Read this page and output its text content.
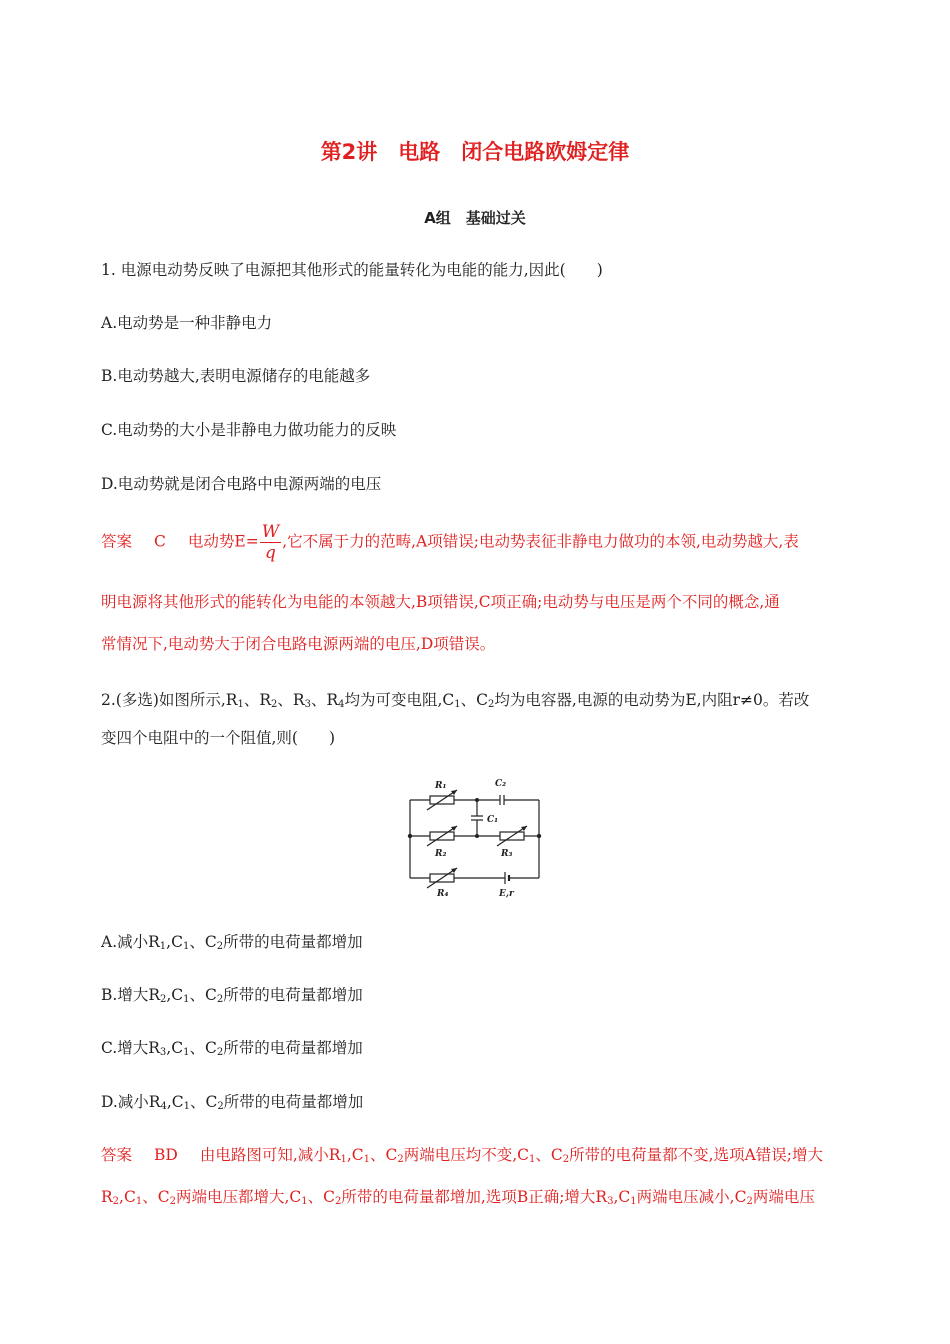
第2讲　电路　闭合电路欧姆定律
A组　基础过关
1. 电源电动势反映了电源把其他形式的能量转化为电能的能力,因此(　　)
A.电动势是一种非静电力
B.电动势越大,表明电源储存的电能越多
C.电动势的大小是非静电力做功能力的反映
D.电动势就是闭合电路中电源两端的电压
答案 C 电动势$E= \frac{W}{q}$ ,它不属于力的范畴,A项错误;电动势表征非静电力做功的本领,电动势越大,表
明电源将其他形式的能转化为电能的本领越大,B项错误,C项正确;电动势与电压是两个不同的概念,通
常情况下,电动势大于闭合电路电源两端的电压,D项错误。
2.(多选)如图所示$,R_1$、$R_2$、$R_3$、$R_4$均为可变电阻$,C_1$、$C_2$均为电容器,电源的电动势为E,内阻r≠0。若改
变四个电阻中的一个阻值,则(　　)
R₁	C₂
C₁
R₂	R₃
R₄	E,r
A.减小$R_1,C_1$、$C_2$所带的电荷量都增加
B.增大$R_2,C_1$、$C_2$所带的电荷量都增加
C.增大$R_3,C_1$、$C_2$所带的电荷量都增加
D.减小$R_4,C_1$、$C_2$所带的电荷量都增加
答案 BD 由电路图可知,减小$R_1,C_1$、$C_2$两端电压均不变$,C_1$、$C_2$所带的电荷量都不变,选项A错误;增大
$R_2,C_1$、$C_2$两端电压都增大$,C_1$、$C_2$所带的电荷量都增加,选项B正确;增大$R_3,C_1$两端电压减小$,C_2$两端电压
